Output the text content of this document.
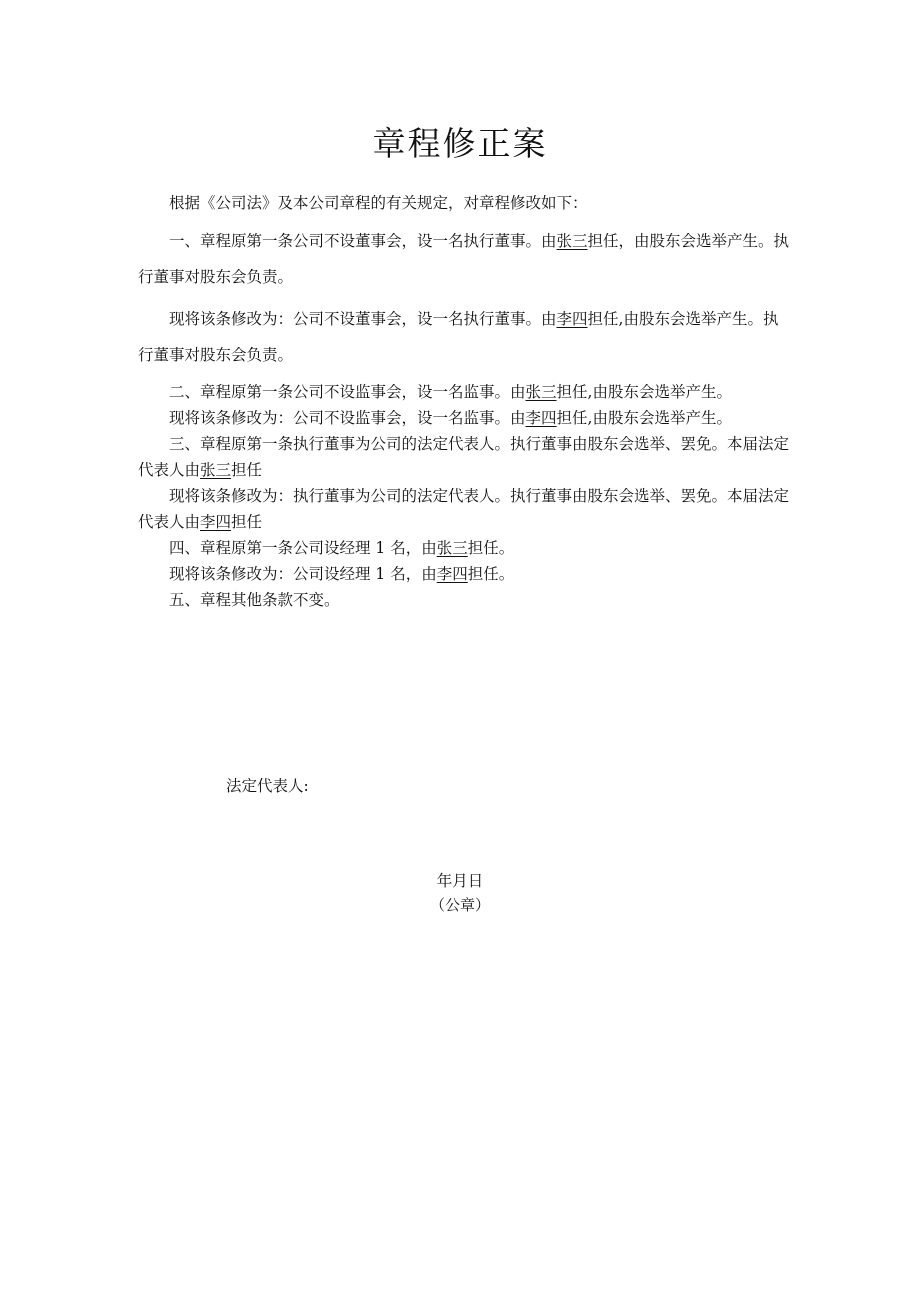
章程修正案

根据《公司法》及本公司章程的有关规定，对章程修改如下：

一、章程原第一条公司不设董事会，设一名执行董事。由张三担任，由股东会选举产生。执行董事对股东会负责。

现将该条修改为：公司不设董事会，设一名执行董事。由李四担任,由股东会选举产生。执行董事对股东会负责。

二、章程原第一条公司不设监事会，设一名监事。由张三担任,由股东会选举产生。

现将该条修改为：公司不设监事会，设一名监事。由李四担任,由股东会选举产生。

三、章程原第一条执行董事为公司的法定代表人。执行董事由股东会选举、罢免。本届法定代表人由张三担任

现将该条修改为：执行董事为公司的法定代表人。执行董事由股东会选举、罢免。本届法定代表人由李四担任

四、章程原第一条公司设经理 1 名，由张三担任。

现将该条修改为：公司设经理 1 名，由李四担任。

五、章程其他条款不变。

法定代表人:

年月日

（公章）
